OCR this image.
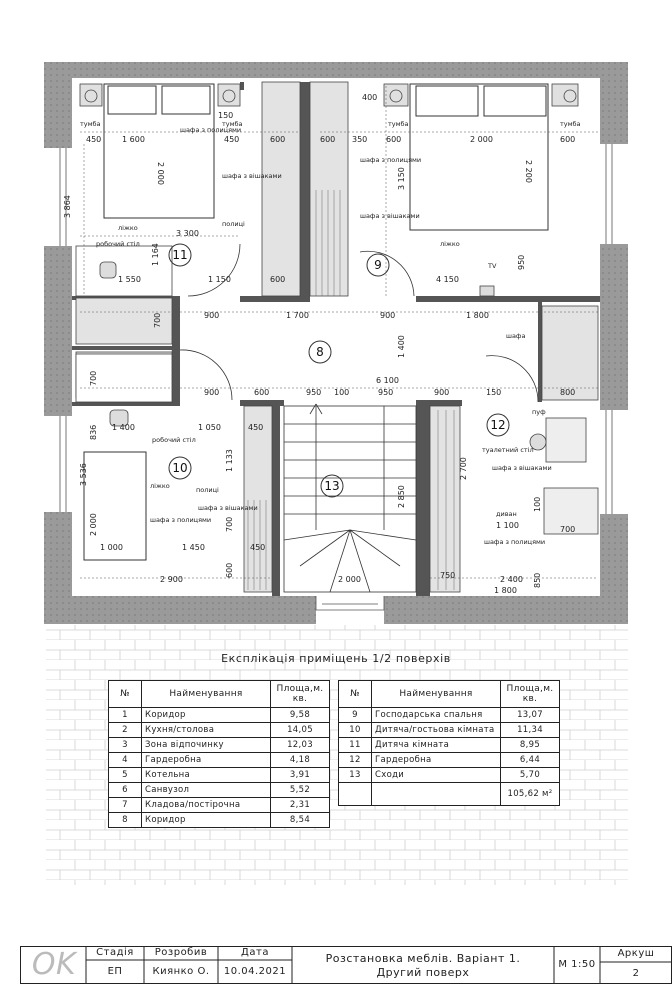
11
9
8
10
12
13
450	1 600	450	600	600 350 600	2 000	600
400
150
3 300
1 550	1 150	600	4 150
900	1 700	900	1 800
6 100
900	600	950 100	950	900	150	800
1 400	1 050	450
1 000	1 450	450
2 900	2 000
1 100	700
2 400
1 800
750
2 000	2 200
3 864
1 164
3 150
950
700
1 400
700
836
1 133
3 536
2 000	700
600
2 850
2 700
100
850
тумба	тумба	тумба	тумба
шафа з полицями
шафа з вішаками
полиці
ліжко
робочий стіл
шафа з полицями
шафа з вішаками
ліжко
TV
шафа
робочий стіл
ліжко	полиці
шафа з вішаками
шафа з полицями
пуф
туалетний стіл
шафа з вішаками
диван
шафа з полицями
Експлікація приміщень 1/2 поверхів
№	Найменування	Площа,м. кв.
1	Коридор	9,58
2	Кухня/столова	14,05
3	Зона відпочинку	12,03
4	Гардеробна	4,18
5	Котельна	3,91
6	Санвузол	5,52
7	Кладова/постірочна	2,31
8	Коридор	8,54
№	Найменування	Площа,м. кв.
9	Господарська спальня	13,07
10	Дитяча/гостьова кімната	11,34
11	Дитяча кімната	8,95
12	Гардеробна	6,44
13	Сходи	5,70
		105,62 м²
OK	Стадія
ЕП
Розробив
Киянко О.
Дата
10.04.2021
Розстановка меблів. Варіант 1.
Другий поверх
М 1:50
Аркуш
2
